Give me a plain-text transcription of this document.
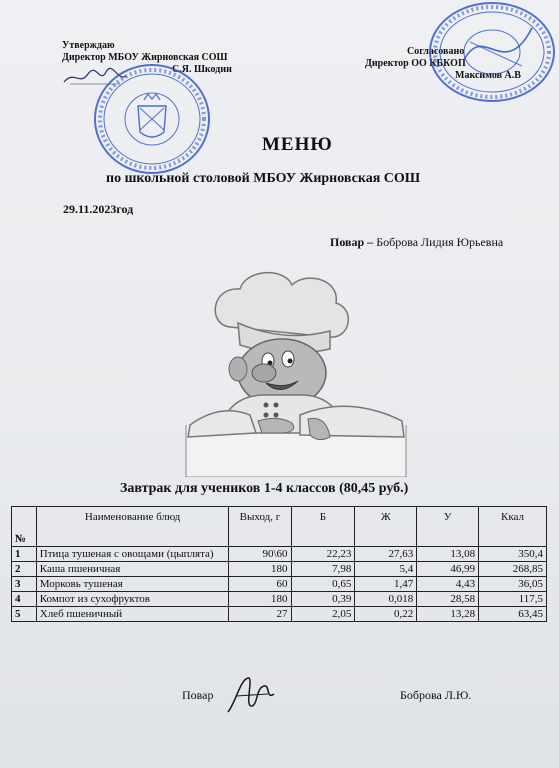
Утверждаю
Директор МБОУ Жирновская СОШ
С.Я. Шкодин
Согласовано
Директор ОО КБКОП
Максимов А.В
МЕНЮ
по школьной столовой МБОУ Жирновская СОШ
29.11.2023год
Повар – Боброва Лидия Юрьевна
Завтрак для учеников 1-4 классов (80,45 руб.)
№	Наименование блюд	Выход, г	Б	Ж	У	Ккал
1	Птица тушеная с овощами (цыплята)	90\60	22,23	27,63	13,08	350,4
2	Каша пшеничная	180	7,98	5,4	46,99	268,85
3	Морковь тушеная	60	0,65	1,47	4,43	36,05
4	Компот из сухофруктов	180	0,39	0,018	28,58	117,5
5	Хлеб пшеничный	27	2,05	0,22	13,28	63,45
Повар	Боброва Л.Ю.
